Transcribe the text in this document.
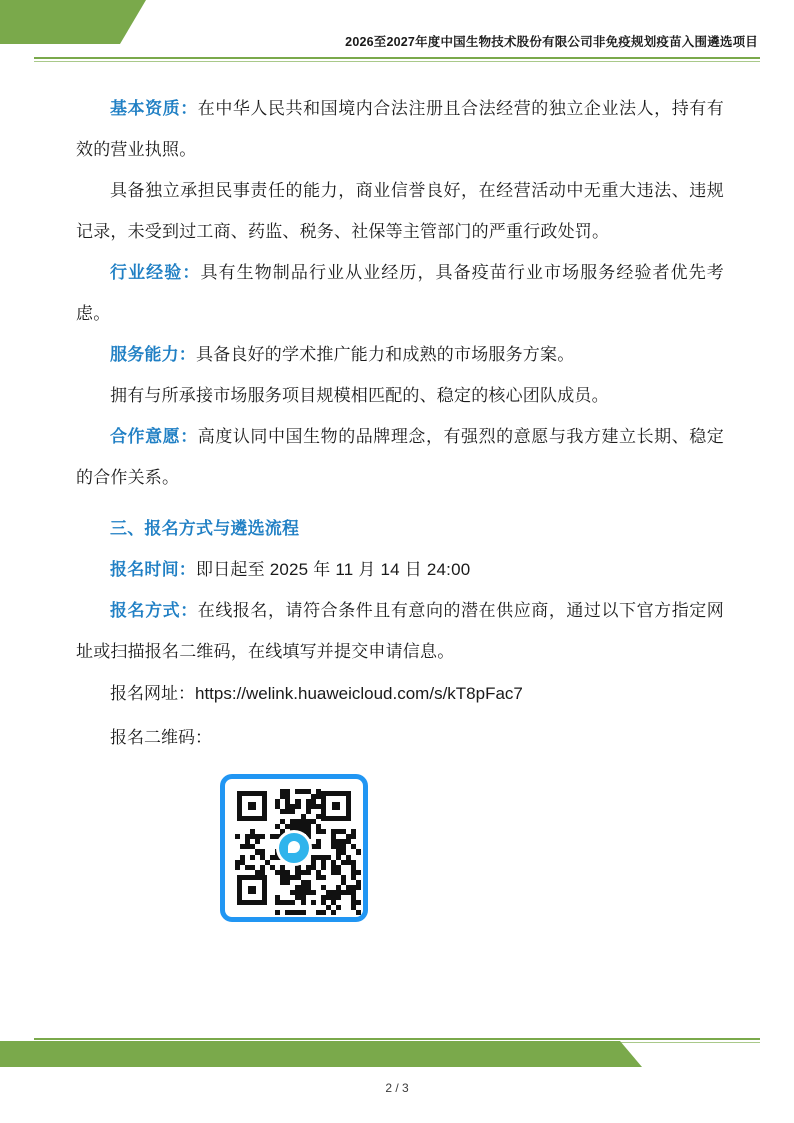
2026至2027年度中国生物技术股份有限公司非免疫规划疫苗入围遴选项目

基本资质：在中华人民共和国境内合法注册且合法经营的独立企业法人，持有有效的营业执照。

具备独立承担民事责任的能力，商业信誉良好，在经营活动中无重大违法、违规记录，未受到过工商、药监、税务、社保等主管部门的严重行政处罚。

行业经验：具有生物制品行业从业经历，具备疫苗行业市场服务经验者优先考虑。

服务能力：具备良好的学术推广能力和成熟的市场服务方案。

拥有与所承接市场服务项目规模相匹配的、稳定的核心团队成员。

合作意愿：高度认同中国生物的品牌理念，有强烈的意愿与我方建立长期、稳定的合作关系。

三、报名方式与遴选流程

报名时间：即日起至 2025 年 11 月 14 日 24:00

报名方式：在线报名，请符合条件且有意向的潜在供应商，通过以下官方指定网址或扫描报名二维码，在线填写并提交申请信息。

报名网址：https://welink.huaweicloud.com/s/kT8pFac7
报名二维码：
2 / 3
